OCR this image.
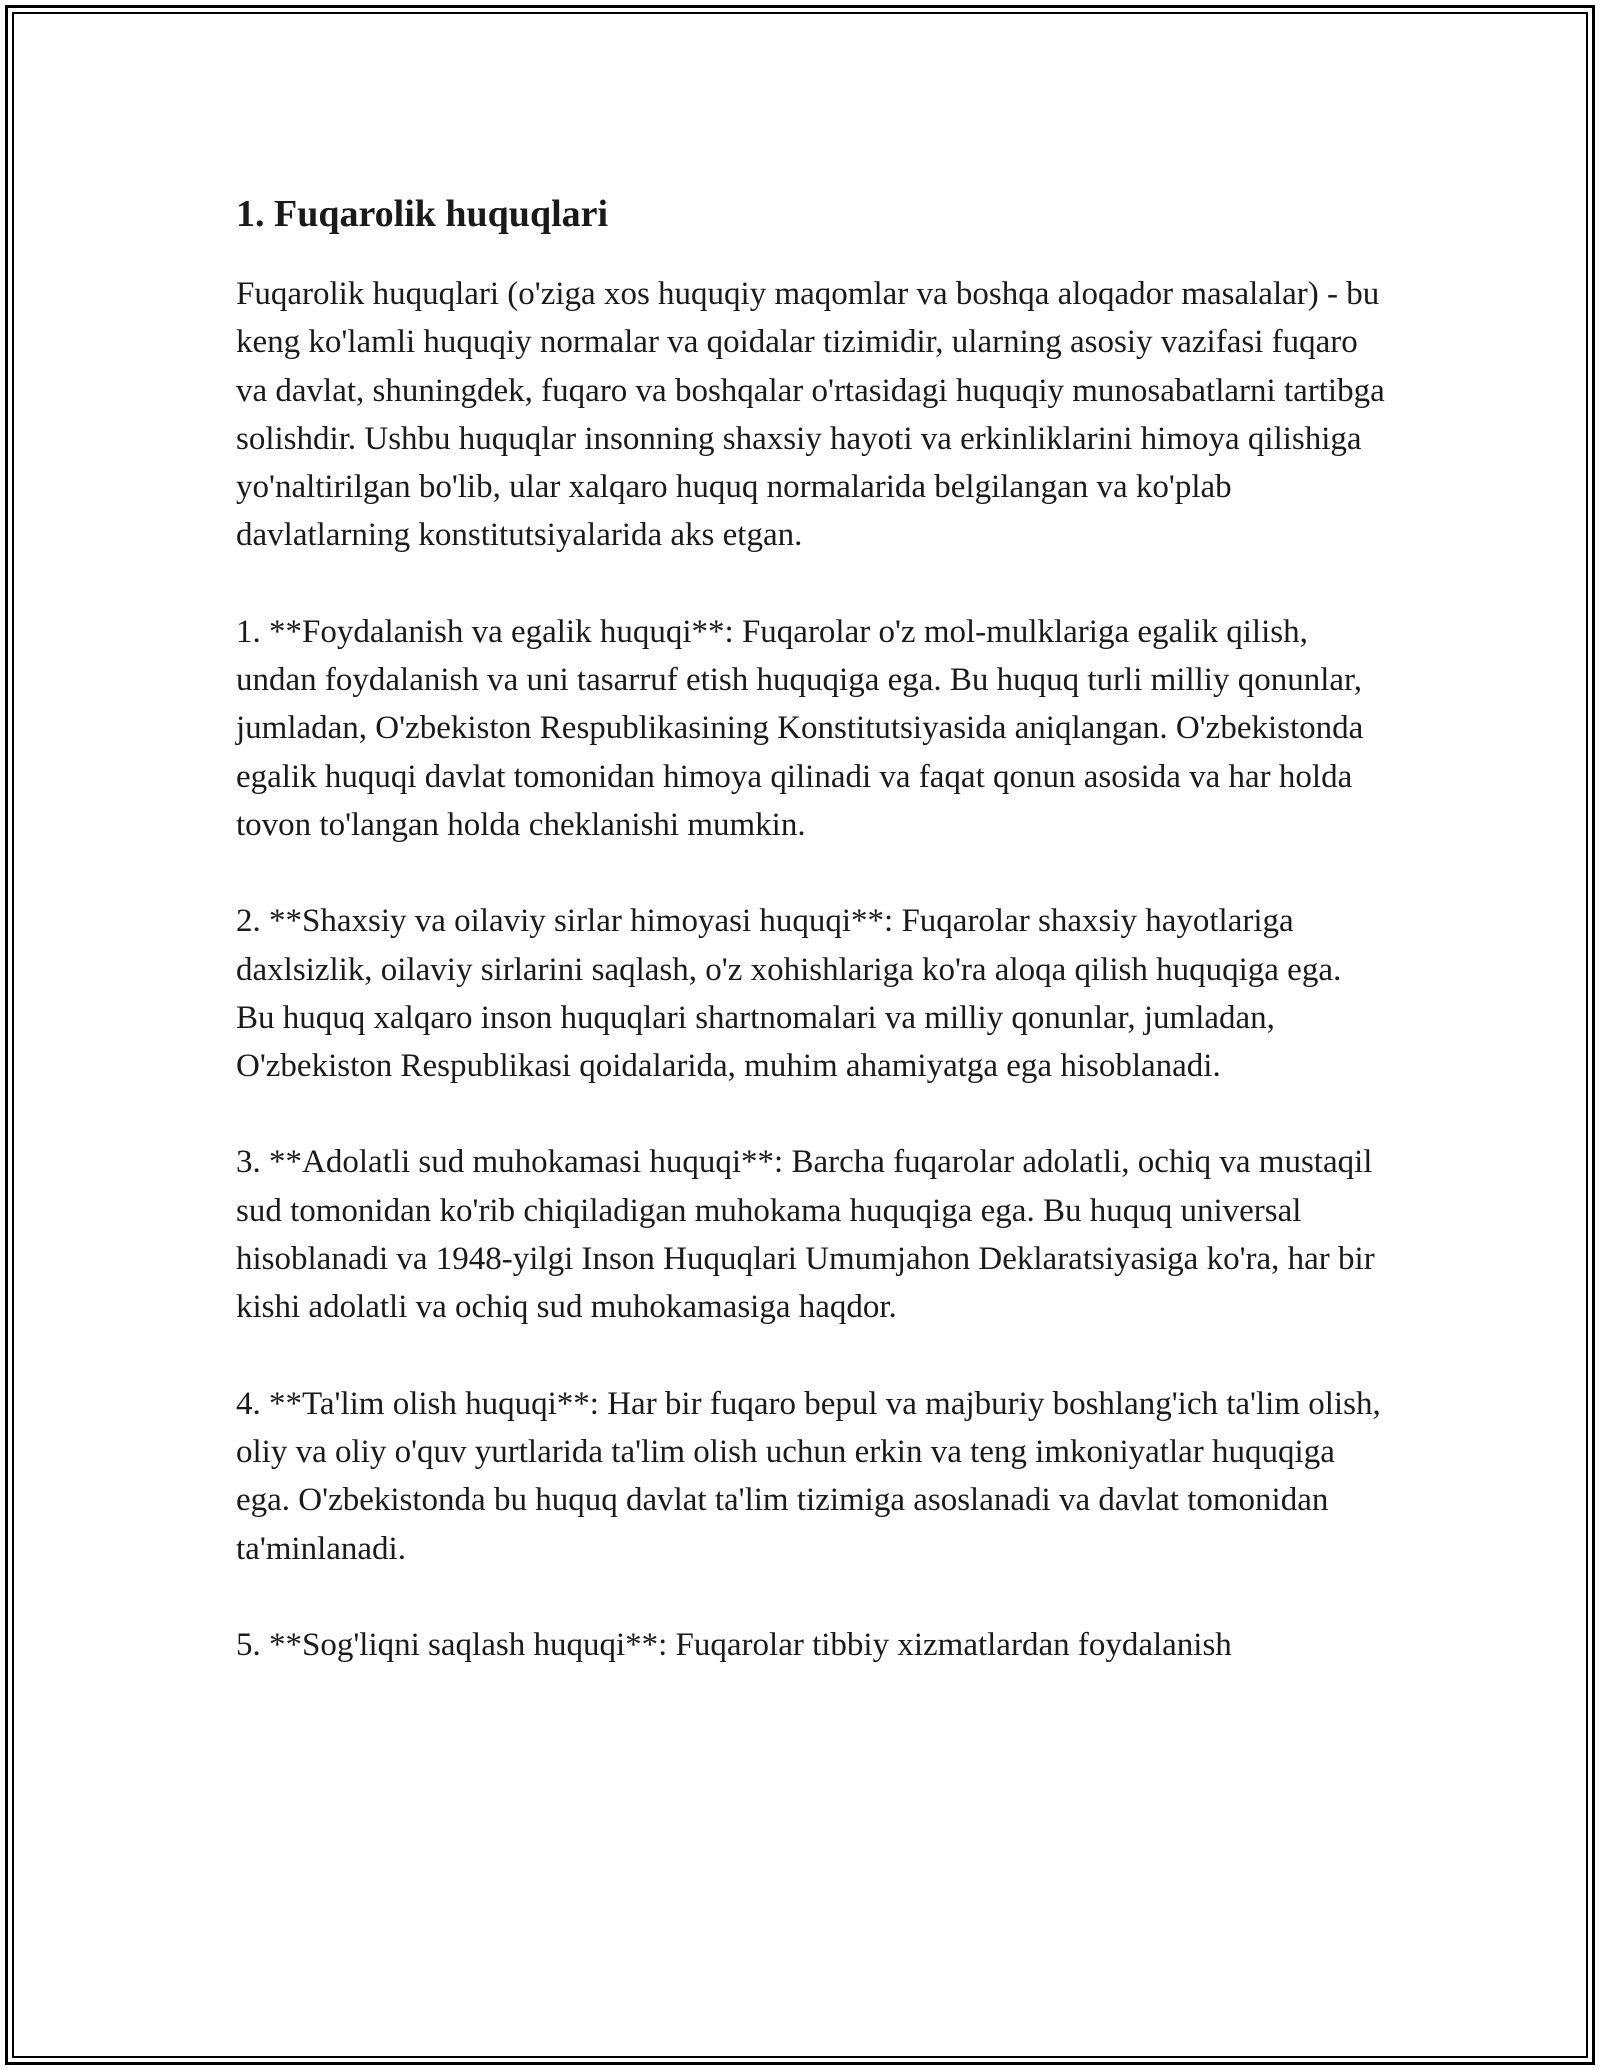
1. Fuqarolik huquqlari

Fuqarolik huquqlari (o'ziga xos huquqiy maqomlar va boshqa aloqador masalalar) - bu keng ko'lamli huquqiy normalar va qoidalar tizimidir, ularning asosiy vazifasi fuqaro va davlat, shuningdek, fuqaro va boshqalar o'rtasidagi huquqiy munosabatlarni tartibga solishdir. Ushbu huquqlar insonning shaxsiy hayoti va erkinliklarini himoya qilishiga yo'naltirilgan bo'lib, ular xalqaro huquq normalarida belgilangan va ko'plab davlatlarning konstitutsiyalarida aks etgan.

1. **Foydalanish va egalik huquqi**: Fuqarolar o'z mol-mulklariga egalik qilish, undan foydalanish va uni tasarruf etish huquqiga ega. Bu huquq turli milliy qonunlar, jumladan, O'zbekiston Respublikasining Konstitutsiyasida aniqlangan. O'zbekistonda egalik huquqi davlat tomonidan himoya qilinadi va faqat qonun asosida va har holda tovon to'langan holda cheklanishi mumkin.

2. **Shaxsiy va oilaviy sirlar himoyasi huquqi**: Fuqarolar shaxsiy hayotlariga daxlsizlik, oilaviy sirlarini saqlash, o'z xohishlariga ko'ra aloqa qilish huquqiga ega. Bu huquq xalqaro inson huquqlari shartnomalari va milliy qonunlar, jumladan, O'zbekiston Respublikasi qoidalarida, muhim ahamiyatga ega hisoblanadi.

3. **Adolatli sud muhokamasi huquqi**: Barcha fuqarolar adolatli, ochiq va mustaqil sud tomonidan ko'rib chiqiladigan muhokama huquqiga ega. Bu huquq universal hisoblanadi va 1948-yilgi Inson Huquqlari Umumjahon Deklaratsiyasiga ko'ra, har bir kishi adolatli va ochiq sud muhokamasiga haqdor.

4. **Ta'lim olish huquqi**: Har bir fuqaro bepul va majburiy boshlang'ich ta'lim olish, oliy va oliy o'quv yurtlarida ta'lim olish uchun erkin va teng imkoniyatlar huquqiga ega. O'zbekistonda bu huquq davlat ta'lim tizimiga asoslanadi va davlat tomonidan ta'minlanadi.

5. **Sog'liqni saqlash huquqi**: Fuqarolar tibbiy xizmatlardan foydalanish
